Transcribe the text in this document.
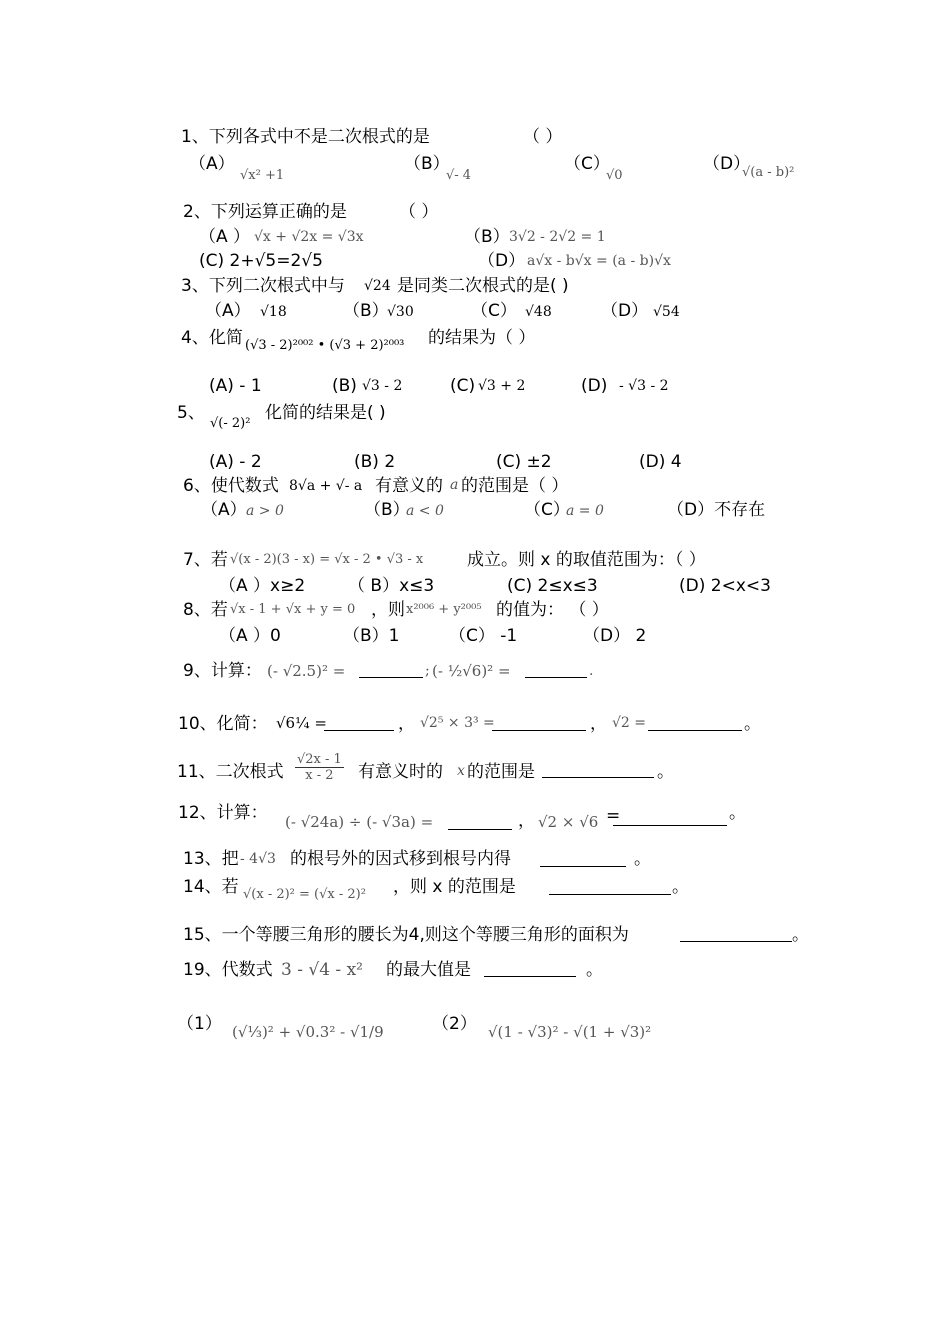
1、下列各式中不是二次根式的是	（ ）
（A）
√x² +1
（B）
√- 4
（C）
√0
（D）
√(a - b)²
2、下列运算正确的是	（ ）
（A ） √x + √2x = √3x	（B） 3√2 - 2√2 = 1
(C) 2+√5=2√5	（D） a√x - b√x = (a - b)√x
3、下列二次根式中与 √24 是同类二次根式的是( )
（A） √18	（B）
√30	（C） √48	（D） √54
4、化简 (√3 - 2)²⁰⁰² • (√3 + 2)²⁰⁰³ 的结果为（ ）
(A) - 1	(B) √3 - 2	(C) √3 + 2	(D) - √3 - 2
5、
√(- 2)²
化简的结果是( )
(A) - 2	(B) 2	(C) ±2	(D) 4
6、使代数式 8√a + √- a 有意义的 a 的范围是（ ）
（A） a > 0	（B）
a < 0	（C）
a = 0	（D）不存在
7、若 √(x - 2)(3 - x) = √x - 2 • √3 - x	成立。则 x 的取值范围为：（ ）
（A ）x≥2	（ B）x≤3	(C) 2≤x≤3	(D) 2<x<3
8、若 √x - 1 + √x + y = 0 ，则 x²⁰⁰⁶ + y²⁰⁰⁵ 的值为： （ ）
（A ）0	（B）1	（C） -1	（D） 2
9、计算： (- √2.5)² =	; (- ½√6)² =	.
10、化简： √6¼ =	， √2⁵ × 3³ =	， √2 =	。
11、二次根式 $\frac{√2x - 1}{x - 2}$ 有意义时的 x 的范围是	。
12、计算： (- √24a) ÷ (- √3a) =	， √2 × √6 =	。
13、把 - 4√3 的根号外的因式移到根号内得	。
14、若 √(x - 2)² = (√x - 2)² ，则 x 的范围是	。
15、一个等腰三角形的腰长为4,则这个等腰三角形的面积为	。
19、代数式 3 - √4 - x² 的最大值是	。
（1） (√⅓)² + √0.3² - √1/9	（2） √(1 - √3)² - √(1 + √3)²
